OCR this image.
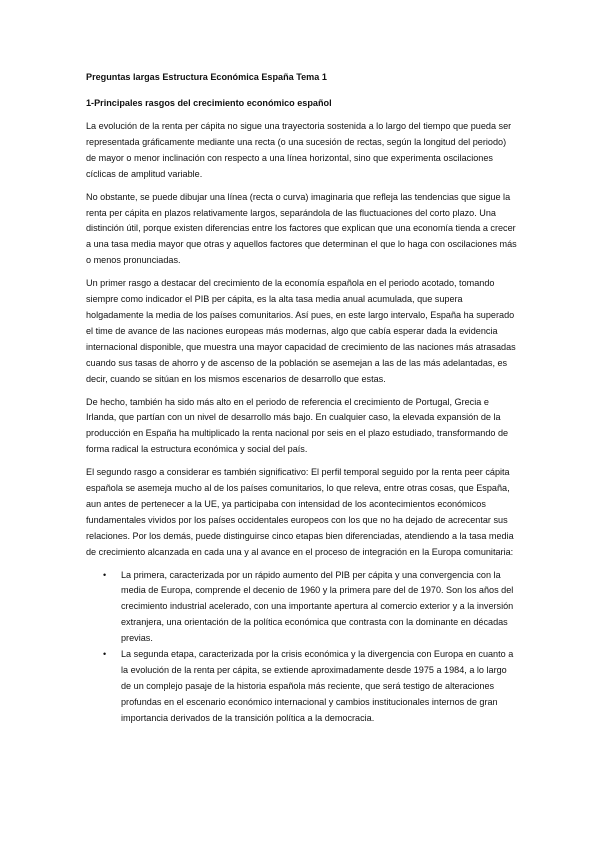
Preguntas largas Estructura Económica España Tema 1
1-Principales rasgos del crecimiento económico español

La evolución de la renta per cápita no sigue una trayectoria sostenida a lo largo del tiempo que pueda ser representada gráficamente mediante una recta (o una sucesión de rectas, según la longitud del periodo) de mayor o menor inclinación con respecto a una línea horizontal, sino que experimenta oscilaciones cíclicas de amplitud variable.

No obstante, se puede dibujar una línea (recta o curva) imaginaria que refleja las tendencias que sigue la renta per cápita en plazos relativamente largos, separándola de las fluctuaciones del corto plazo. Una distinción útil, porque existen diferencias entre los factores que explican que una economía tienda a crecer a una tasa media mayor que otras y aquellos factores que determinan el que lo haga con oscilaciones más o menos pronunciadas.

Un primer rasgo a destacar del crecimiento de la economía española en el periodo acotado, tomando siempre como indicador el PIB per cápita, es la alta tasa media anual acumulada, que supera holgadamente la media de los países comunitarios. Así pues, en este largo intervalo, España ha superado el time de avance de las naciones europeas más modernas, algo que cabía esperar dada la evidencia internacional disponible, que muestra una mayor capacidad de crecimiento de las naciones más atrasadas cuando sus tasas de ahorro y de ascenso de la población se asemejan a las de las más adelantadas, es decir, cuando se sitúan en los mismos escenarios de desarrollo que estas.

De hecho, también ha sido más alto en el periodo de referencia el crecimiento de Portugal, Grecia e Irlanda, que partían con un nivel de desarrollo más bajo. En cualquier caso, la elevada expansión de la producción en España ha multiplicado la renta nacional por seis en el plazo estudiado, transformando de forma radical la estructura económica y social del país.

El segundo rasgo a considerar es también significativo: El perfil temporal seguido por la renta peer cápita española se asemeja mucho al de los países comunitarios, lo que releva, entre otras cosas, que España, aun antes de pertenecer a la UE, ya participaba con intensidad de los acontecimientos económicos fundamentales vividos por los países occidentales europeos con los que no ha dejado de acrecentar sus relaciones. Por los demás, puede distinguirse cinco etapas bien diferenciadas, atendiendo a la tasa media de crecimiento alcanzada en cada una y al avance en el proceso de integración en la Europa comunitaria:

• La primera, caracterizada por un rápido aumento del PIB per cápita y una convergencia con la media de Europa, comprende el decenio de 1960 y la primera pare del de 1970. Son los años del crecimiento industrial acelerado, con una importante apertura al comercio exterior y a la inversión extranjera, una orientación de la política económica que contrasta con la dominante en décadas previas.
• La segunda etapa, caracterizada por la crisis económica y la divergencia con Europa en cuanto a la evolución de la renta per cápita, se extiende aproximadamente desde 1975 a 1984, a lo largo de un complejo pasaje de la historia española más reciente, que será testigo de alteraciones profundas en el escenario económico internacional y cambios institucionales internos de gran importancia derivados de la transición política a la democracia.
